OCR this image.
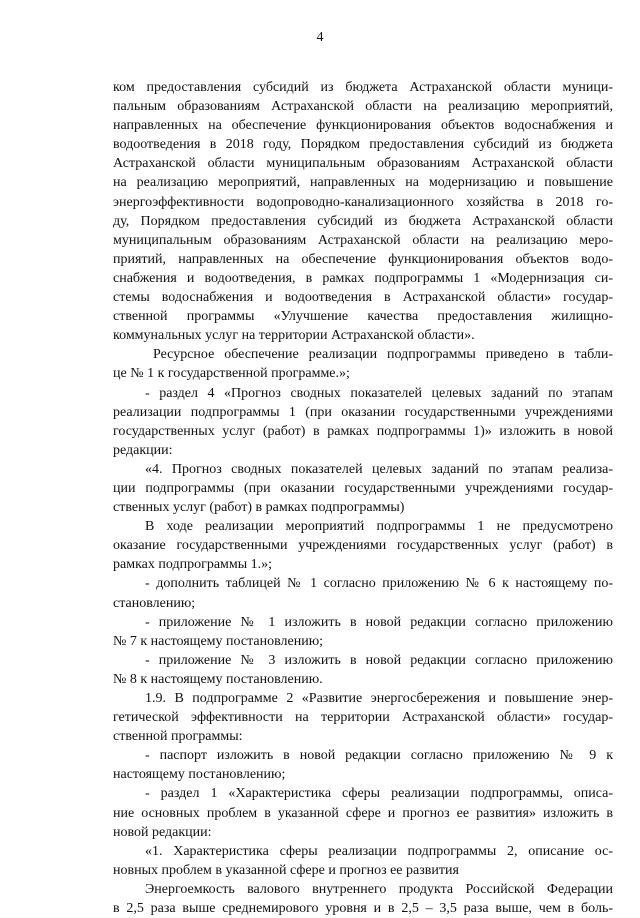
4
ком предоставления субсидий из бюджета Астраханской области муници-
пальным образованиям Астраханской области на реализацию мероприятий,
направленных на обеспечение функционирования объектов водоснабжения и
водоотведения в 2018 году, Порядком предоставления субсидий из бюджета
Астраханской области муниципальным образованиям Астраханской области
на реализацию мероприятий, направленных на модернизацию и повышение
энергоэффективности водопроводно-канализационного хозяйства в 2018 го-
ду, Порядком предоставления субсидий из бюджета Астраханской области
муниципальным образованиям Астраханской области на реализацию меро-
приятий, направленных на обеспечение функционирования объектов водо-
снабжения и водоотведения, в рамках подпрограммы 1 «Модернизация си-
стемы водоснабжения и водоотведения в Астраханской области» государ-
ственной программы «Улучшение качества предоставления жилищно-
коммунальных услуг на территории Астраханской области».
Ресурсное обеспечение реализации подпрограммы приведено в табли-
це № 1 к государственной программе.»;
- раздел 4 «Прогноз сводных показателей целевых заданий по этапам
реализации подпрограммы 1 (при оказании государственными учреждениями
государственных услуг (работ) в рамках подпрограммы 1)» изложить в новой
редакции:
«4. Прогноз сводных показателей целевых заданий по этапам реализа-
ции подпрограммы (при оказании государственными учреждениями государ-
ственных услуг (работ) в рамках подпрограммы)
В ходе реализации мероприятий подпрограммы 1 не предусмотрено
оказание государственными учреждениями государственных услуг (работ) в
рамках подпрограммы 1.»;
- дополнить таблицей № 1 согласно приложению № 6 к настоящему по-
становлению;
- приложение № 1 изложить в новой редакции согласно приложению
№ 7 к настоящему постановлению;
- приложение № 3 изложить в новой редакции согласно приложению
№ 8 к настоящему постановлению.
1.9. В подпрограмме 2 «Развитие энергосбережения и повышение энер-
гетической эффективности на территории Астраханской области» государ-
ственной программы:
- паспорт изложить в новой редакции согласно приложению № 9 к
настоящему постановлению;
- раздел 1 «Характеристика сферы реализации подпрограммы, описа-
ние основных проблем в указанной сфере и прогноз ее развития» изложить в
новой редакции:
«1. Характеристика сферы реализации подпрограммы 2, описание ос-
новных проблем в указанной сфере и прогноз ее развития
Энергоемкость валового внутреннего продукта Российской Федерации
в 2,5 раза выше среднемирового уровня и в 2,5 – 3,5 раза выше, чем в боль-
